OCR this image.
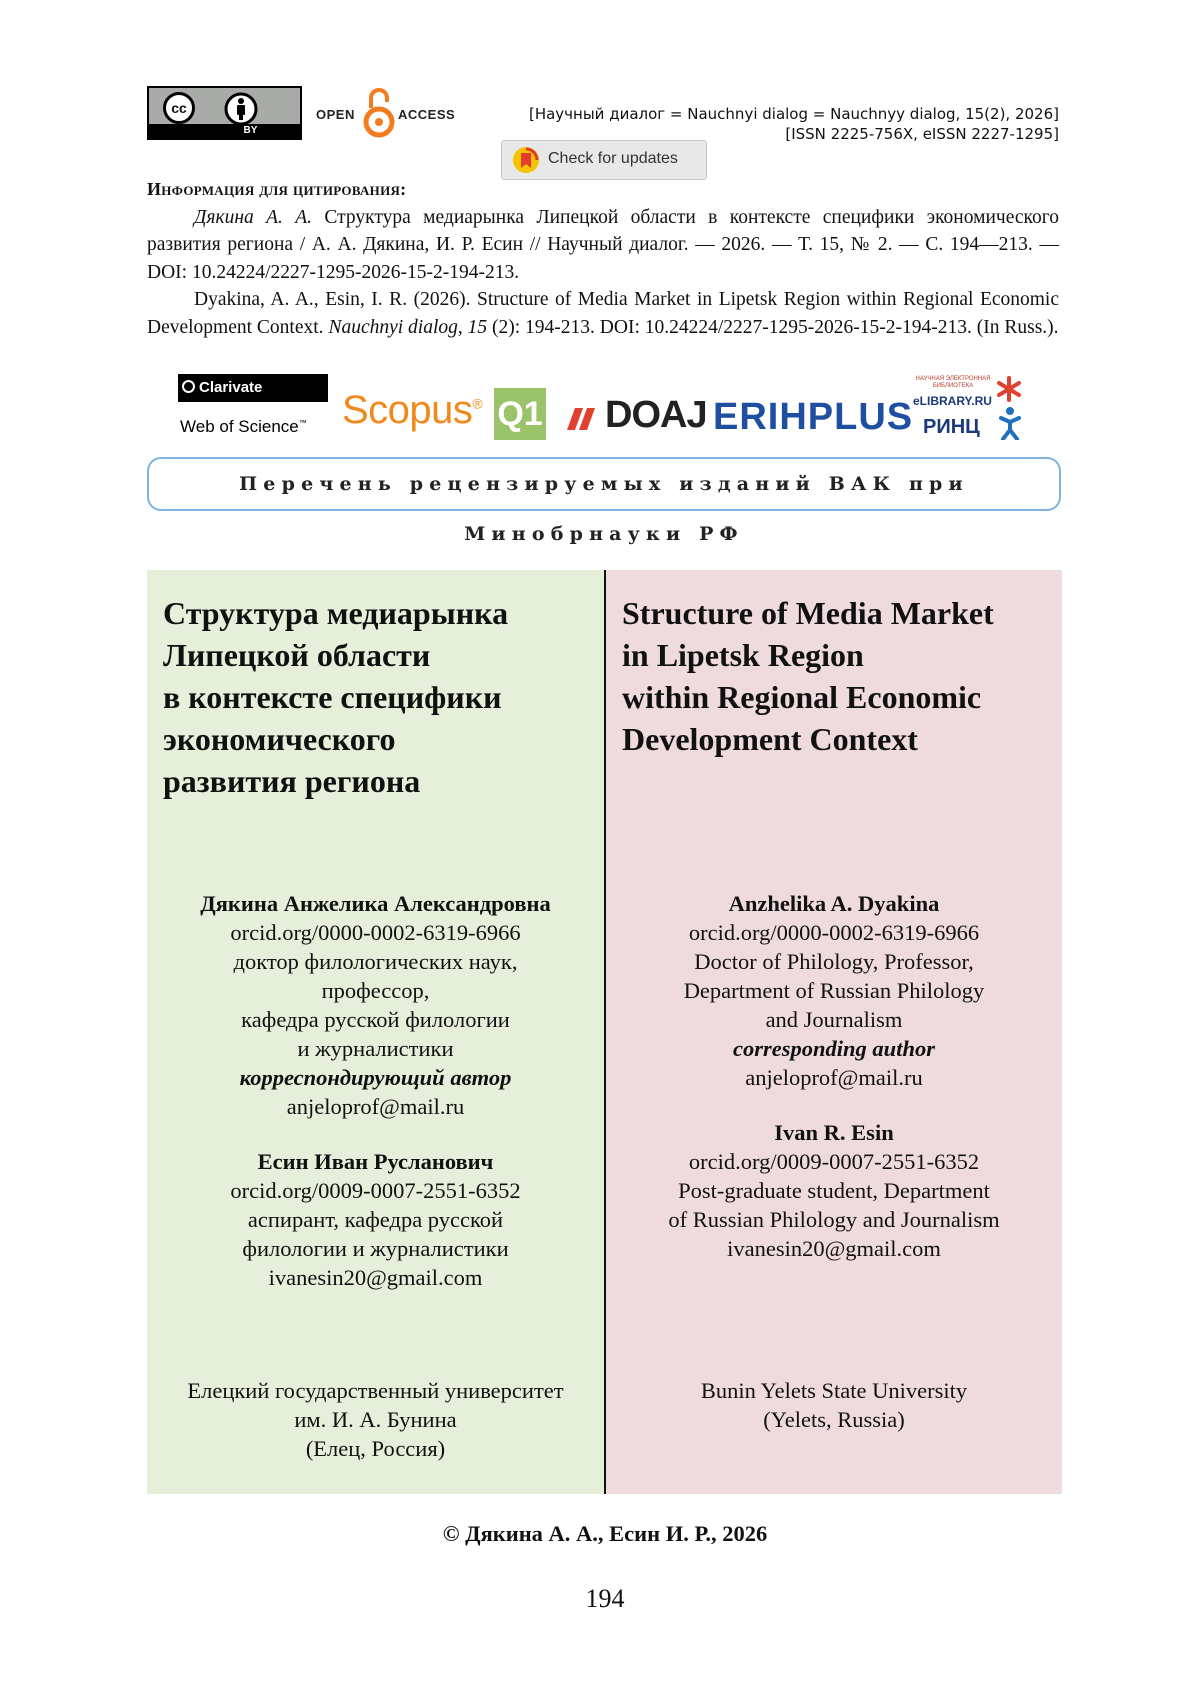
cc
BY
OPEN	ACCESS	[Научный диалог = Nauchnyi dialog = Nauchnyy dialog, 15(2), 2026]
[ISSN 2225-756X, eISSN 2227-1295]
Check for updates
Информация для цитирования:

Дякина А. А. Структура медиарынка Липецкой области в контексте специфики экономического развития региона / А. А. Дякина, И. Р. Есин // Научный диалог. — 2026. — Т. 15, № 2. — С. 194—213. — DOI: 10.24224/2227-1295-2026-15-2-194-213.

Dyakina, A. A., Esin, I. R. (2026). Structure of Media Market in Lipetsk Region within Regional Economic Development Context. Nauchnyi dialog, 15 (2): 194-213. DOI: 10.24224/2227-1295-2026-15-2-194-213. (In Russ.).

Clarivate
Web of Science™ Scopus® Q1 DOAJ ERIHPLUS
НАУЧНАЯ ЭЛЕКТРОННАЯ БИБЛИОТЕКА
eLIBRARY.RU
РИНЦ
Перечень рецензируемых изданий ВАК при Минобрнауки РФ
Структура медиарынка
Липецкой области
в контексте специфики
экономического
развития региона
Structure of Media Market
in Lipetsk Region
within Regional Economic
Development Context
Дякина Анжелика Александровна
orcid.org/0000-0002-6319-6966
доктор филологических наук,
профессор,
кафедра русской филологии
и журналистики
корреспондирующий автор
anjeloprof@mail.ru
Есин Иван Русланович
orcid.org/0009-0007-2551-6352
аспирант, кафедра русской
филологии и журналистики
ivanesin20@gmail.com
Елецкий государственный университет
им. И. А. Бунина
(Елец, Россия)
Anzhelika A. Dyakina
orcid.org/0000-0002-6319-6966
Doctor of Philology, Professor,
Department of Russian Philology
and Journalism
corresponding author
anjeloprof@mail.ru
Ivan R. Esin
orcid.org/0009-0007-2551-6352
Post-graduate student, Department
of Russian Philology and Journalism
ivanesin20@gmail.com
Bunin Yelets State University
(Yelets, Russia)
© Дякина А. А., Есин И. Р., 2026
194
